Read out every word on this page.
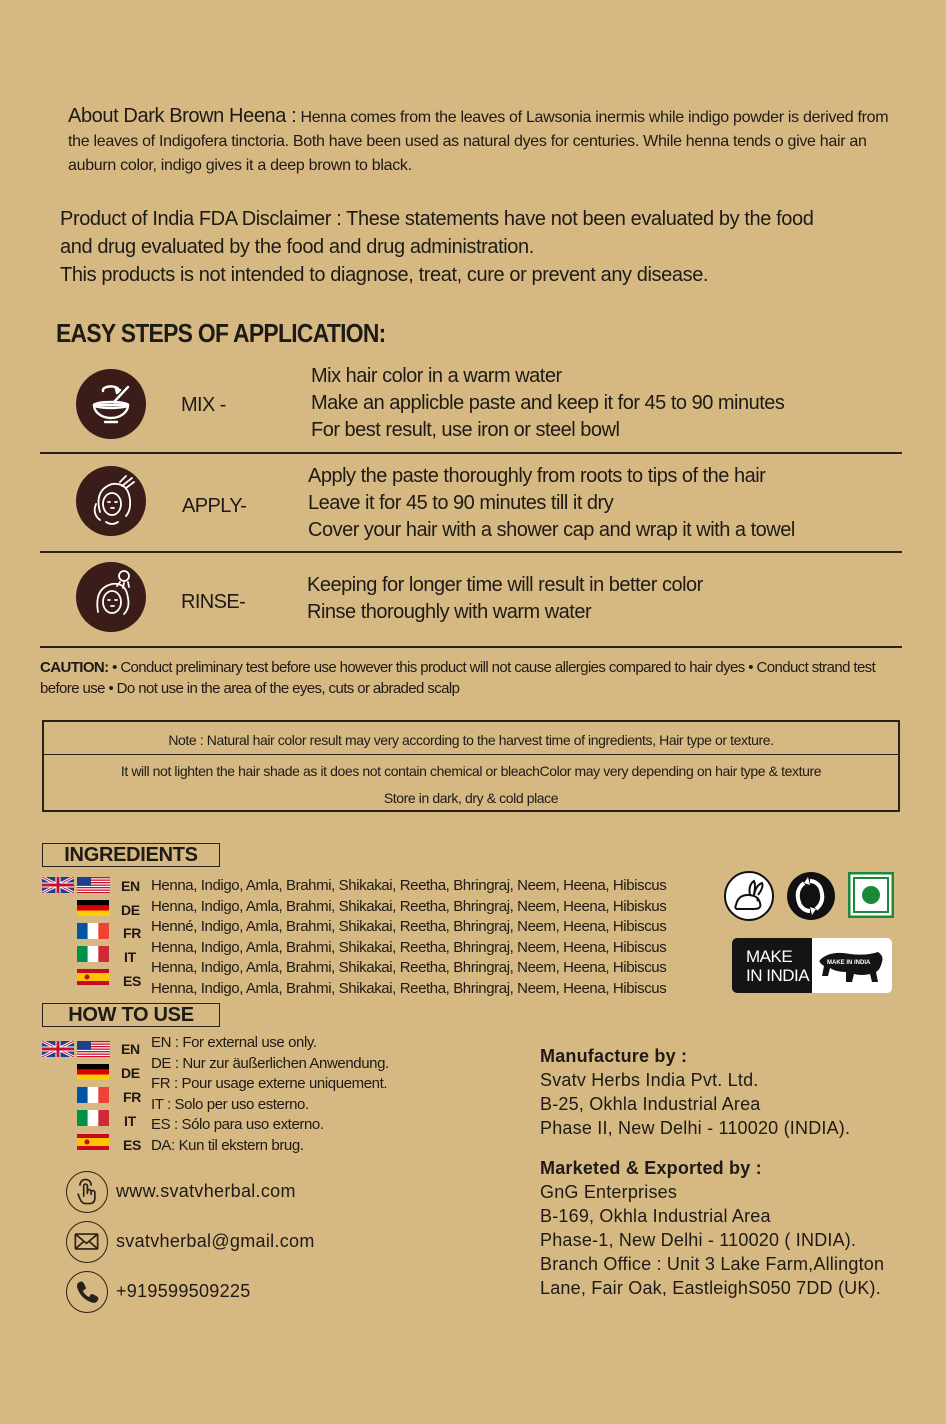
About Dark Brown Heena : Henna comes from the leaves of Lawsonia inermis while indigo powder is derived from the leaves of Indigofera tinctoria. Both have been used as natural dyes for centuries. While henna tends o give hair an auburn color, indigo gives it a deep brown to black.
Product of India FDA Disclaimer : These statements have not been evaluated by the food
and drug evaluated by the food and drug administration.
This products is not intended to diagnose, treat, cure or prevent any disease.
EASY STEPS OF APPLICATION:
MIX -
Mix hair color in a warm water
Make an applicble paste and keep it for 45 to 90 minutes
For best result, use iron or steel bowl
APPLY-
Apply the paste thoroughly from roots to tips of the hair
Leave it for 45 to 90 minutes till it dry
Cover your hair with a shower cap and wrap it with a towel
RINSE-
Keeping for longer time will result in better color
Rinse thoroughly with warm water
CAUTION: • Conduct preliminary test before use however this product will not cause allergies compared to hair dyes • Conduct strand test before use • Do not use in the area of the eyes, cuts or abraded scalp
Note : Natural hair color result may very according to the harvest time of ingredients, Hair type or texture.
It will not lighten the hair shade as it does not contain chemical or bleachColor may very depending on hair type & texture
Store in dark, dry & cold place
INGREDIENTS
EN
DE
FR
IT
ES
Henna, Indigo, Amla, Brahmi, Shikakai, Reetha, Bhringraj, Neem, Heena, Hibiscus
Henna, Indigo, Amla, Brahmi, Shikakai, Reetha, Bhringraj, Neem, Heena, Hibiskus
Henné, Indigo, Amla, Brahmi, Shikakai, Reetha, Bhringraj, Neem, Heena, Hibiscus
Henna, Indigo, Amla, Brahmi, Shikakai, Reetha, Bhringraj, Neem, Heena, Hibiscus
Henna, Indigo, Amla, Brahmi, Shikakai, Reetha, Bhringraj, Neem, Heena, Hibiscus
Henna, Indigo, Amla, Brahmi, Shikakai, Reetha, Bhringraj, Neem, Heena, Hibiscus
MAKE
IN INDIA
MAKE IN INDIA
HOW TO USE
EN
DE
FR
IT
ES
EN : For external use only.
DE : Nur zur äußerlichen Anwendung.
FR : Pour usage externe uniquement.
IT : Solo per uso esterno.
ES : Sólo para uso externo.
DA: Kun til ekstern brug.
www.svatvherbal.com
svatvherbal@gmail.com
+919599509225
Manufacture by :
Svatv Herbs India Pvt. Ltd.
B-25, Okhla Industrial Area
Phase II, New Delhi - 110020 (INDIA).
Marketed & Exported by :
GnG Enterprises
B-169, Okhla Industrial Area
Phase-1, New Delhi - 110020 ( INDIA).
Branch Office : Unit 3 Lake Farm,Allington
Lane, Fair Oak, EastleighS050 7DD (UK).
